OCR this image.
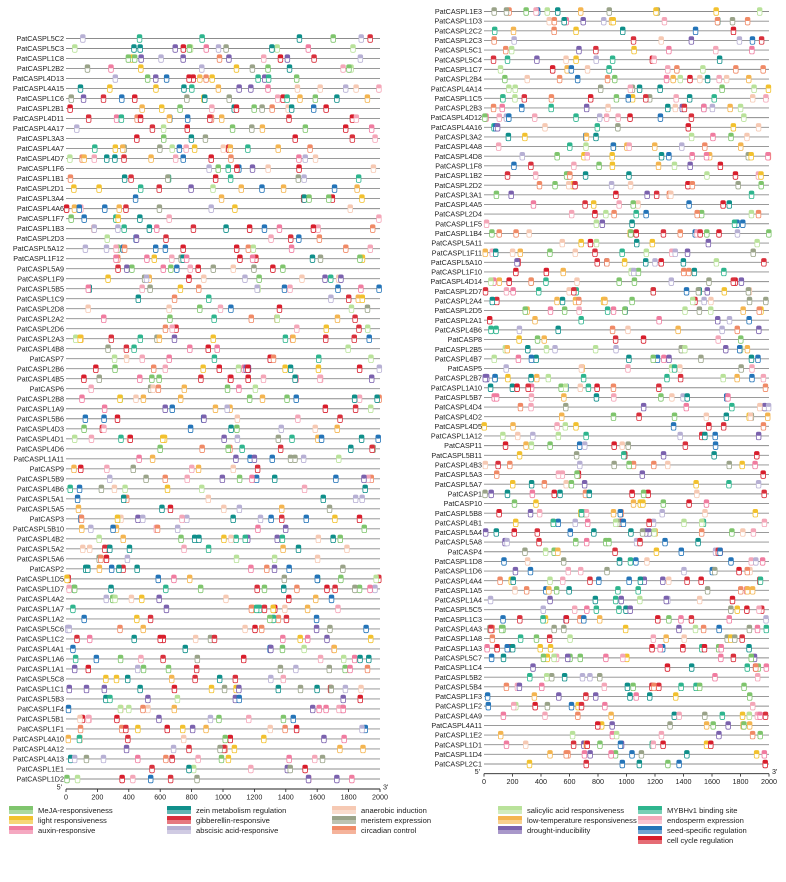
PatCASPL5C2
PatCASPL5C3
PatCASPL1C8
PatCASPL2B2
PatCASPL4D13
PatCASPL4A15
PatCASPL1C6
PatCASPL2B1
PatCASPL4D11
PatCASPL4A17
PatCASPL3A3
PatCASPL4A7
PatCASPL4D7
PatCASPL1F6
PatCASPL1B1
PatCASPL2D1
PatCASPL3A4
PatCASPL4A6
PatCASPL1F7
PatCASPL1B3
PatCASPL2D3
PatCASPL5A12
PatCASPL1F12
PatCASPL5A9
PatCASPL1F9
PatCASPL5B5
PatCASPL1C9
PatCASPL2D8
PatCASPL2A2
PatCASPL2D6
PatCASPL2A3
PatCASPL4B8
PatCASP7
PatCASPL2B6
PatCASPL4B5
PatCASP6
PatCASPL2B8
PatCASPL1A9
PatCASPL5B6
PatCASPL4D3
PatCASPL4D1
PatCASPL4D6
PatCASPL1A11
PatCASP9
PatCASPL5B9
PatCASPL4B6
PatCASPL5A1
PatCASPL5A5
PatCASP3
PatCASPL5B10
PatCASPL4B2
PatCASPL5A2
PatCASPL5A6
PatCASP2
PatCASPL1D5
PatCASPL1D7
PatCASPL4A2
PatCASPL1A7
PatCASPL1A2
PatCASPL5C6
PatCASPL1C2
PatCASPL4A1
PatCASPL1A6
PatCASPL1A1
PatCASPL5C8
PatCASPL1C1
PatCASPL5B3
PatCASPL1F4
PatCASPL5B1
PatCASPL1F1
PatCASPL4A10
PatCASPL4A12
PatCASPL4A13
PatCASPL1E1
PatCASPL1D2
5'	3'
0	200	400	600	800 1000 1200 1400 1600 1800 2000
PatCASPL1E3
PatCASPL1D3
PatCASPL2C2
PatCASPL2C3
PatCASPL5C1
PatCASPL5C4
PatCASPL1C7
PatCASPL2B4
PatCASPL4A14
PatCASPL1C5
PatCASPL2B3
PatCASPL4D12
PatCASPL4A16
PatCASPL3A2
PatCASPL4A8
PatCASPL4D8
PatCASPL1F8
PatCASPL1B2
PatCASPL2D2
PatCASPL3A1
PatCASPL4A5
PatCASPL2D4
PatCASPL1F5
PatCASPL1B4
PatCASPL5A11
PatCASPL1F11
PatCASPL5A10
PatCASPL1F10
PatCASPL4D14
PatCASPL2D7
PatCASPL2A4
PatCASPL2D5
PatCASPL2A1
PatCASPL4B6
PatCASP8
PatCASPL2B5
PatCASPL4B7
PatCASP5
PatCASPL2B7
PatCASPL1A10
PatCASPL5B7
PatCASPL4D4
PatCASPL4D2
PatCASPL4D5
PatCASPL1A12
PatCASP11
PatCASPL5B11
PatCASPL4B3
PatCASPL5A3
PatCASPL5A7
PatCASP1
PatCASP10
PatCASPL5B8
PatCASPL4B1
PatCASPL5A4
PatCASPL5A8
PatCASP4
PatCASPL1D8
PatCASPL1D6
PatCASPL4A4
PatCASPL1A5
PatCASPL1A4
PatCASPL5C5
PatCASPL1C3
PatCASPL4A3
PatCASPL1A8
PatCASPL1A3
PatCASPL5C7
PatCASPL1C4
PatCASPL5B2
PatCASPL5B4
PatCASPL1F3
PatCASPL1F2
PatCASPL4A9
PatCASPL4A11
PatCASPL1E2
PatCASPL1D1
PatCASPL1D4
PatCASPL2C1
5'	3'
0	200 400 600 800 1000 1200 1400 1600 1800 2000
MeJA-responsiveness
light responsiveness
auxin-responsive
zein metabolism regulation
gibberellin-responsive
abscisic acid-responsive
anaerobic induction
meristem expression
circadian control
salicylic acid responsiveness
low-temperature responsiveness
drought-inducibility
MYBHv1 binding site
endosperm expression
seed-specific regulation
cell cycle regulation
